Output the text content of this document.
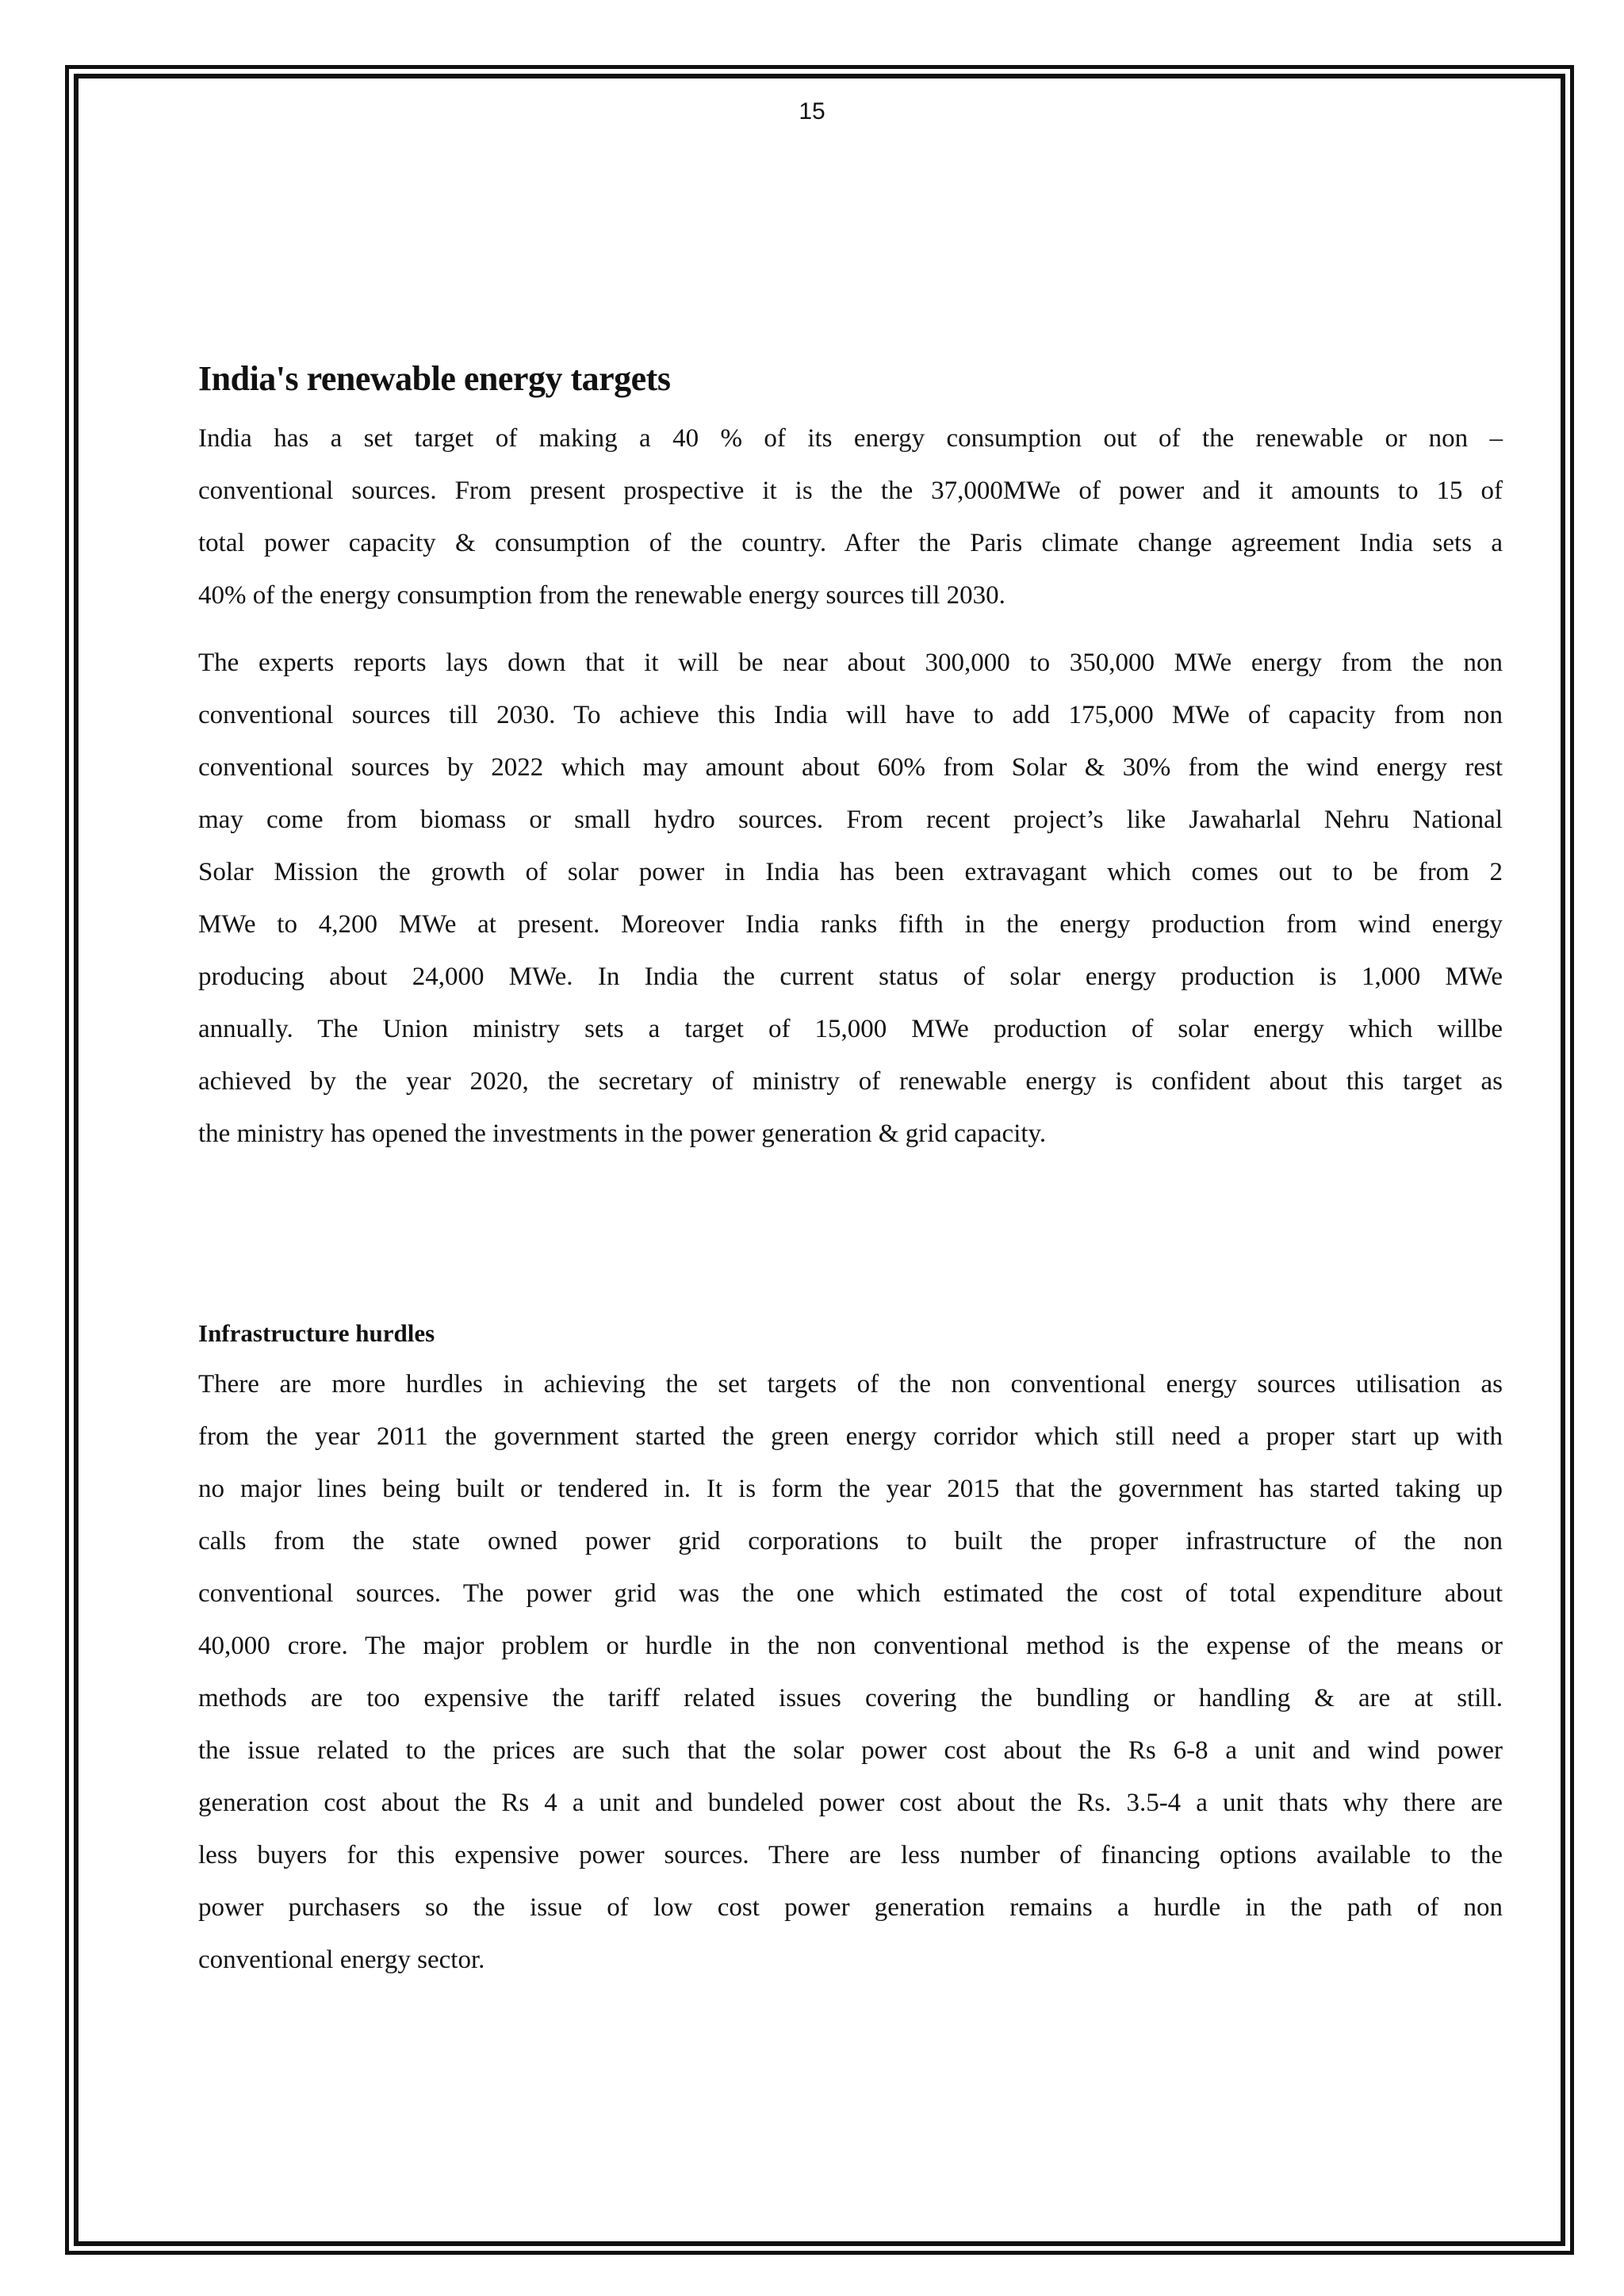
15
India's renewable energy targets
India has a set target of making a 40 % of its energy consumption out of the renewable or non –
conventional sources. From present prospective it is the the 37,000MWe of power and it amounts to 15 of
total power capacity & consumption of the country. After the Paris climate change agreement India sets a
40% of the energy consumption from the renewable energy sources till 2030.
The experts reports lays down that it will be near about 300,000 to 350,000 MWe energy from the non
conventional sources till 2030. To achieve this India will have to add 175,000 MWe of capacity from non
conventional sources by 2022 which may amount about 60% from Solar & 30% from the wind energy rest
may come from biomass or small hydro sources. From recent project’s like Jawaharlal Nehru National
Solar Mission the growth of solar power in India has been extravagant which comes out to be from 2
MWe to 4,200 MWe at present. Moreover India ranks fifth in the energy production from wind energy
producing about 24,000 MWe. In India the current status of solar energy production is 1,000 MWe
annually. The Union ministry sets a target of 15,000 MWe production of solar energy which willbe
achieved by the year 2020, the secretary of ministry of renewable energy is confident about this target as
the ministry has opened the investments in the power generation & grid capacity.
Infrastructure hurdles
There are more hurdles in achieving the set targets of the non conventional energy sources utilisation as
from the year 2011 the government started the green energy corridor which still need a proper start up with
no major lines being built or tendered in. It is form the year 2015 that the government has started taking up
calls from the state owned power grid corporations to built the proper infrastructure of the non
conventional sources. The power grid was the one which estimated the cost of total expenditure about
40,000 crore. The major problem or hurdle in the non conventional method is the expense of the means or
methods are too expensive the tariff related issues covering the bundling or handling & are at still.
the issue related to the prices are such that the solar power cost about the Rs 6-8 a unit and wind power
generation cost about the Rs 4 a unit and bundeled power cost about the Rs. 3.5-4 a unit thats why there are
less buyers for this expensive power sources. There are less number of financing options available to the
power purchasers so the issue of low cost power generation remains a hurdle in the path of non
conventional energy sector.
